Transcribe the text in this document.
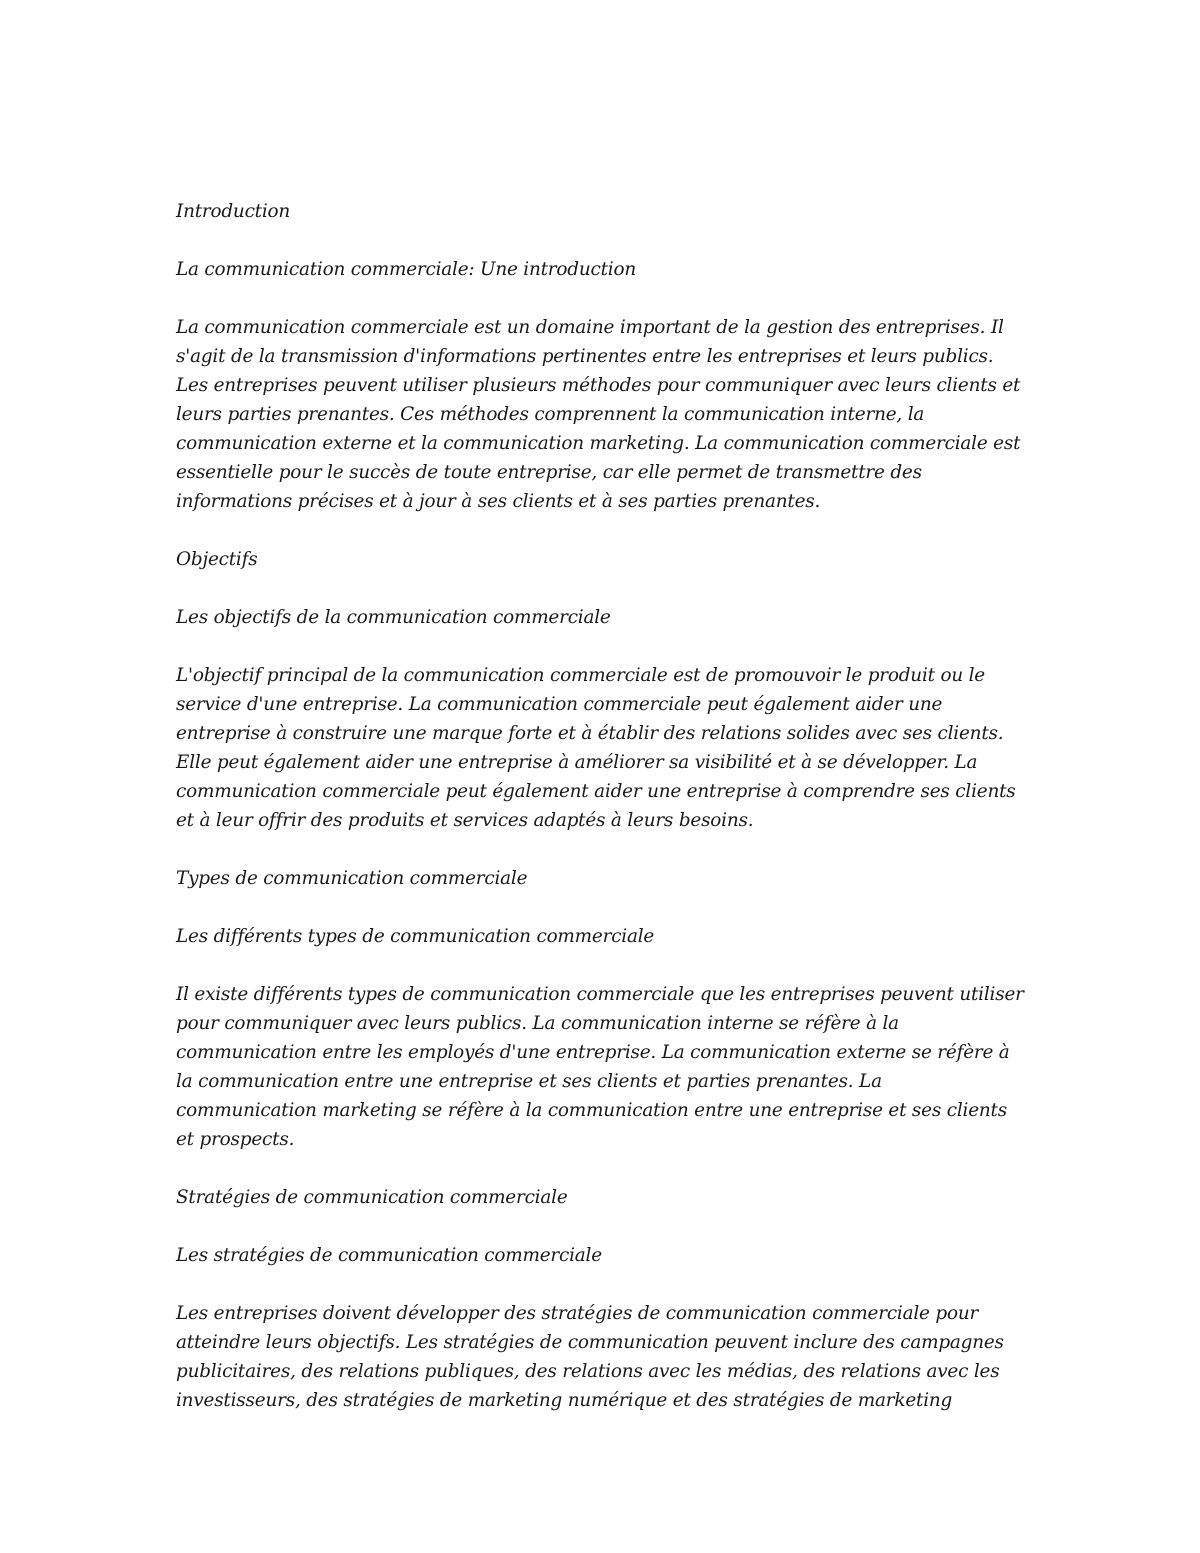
Introduction

La communication commerciale: Une introduction

La communication commerciale est un domaine important de la gestion des entreprises. Il s'agit de la transmission d'informations pertinentes entre les entreprises et leurs publics. Les entreprises peuvent utiliser plusieurs méthodes pour communiquer avec leurs clients et leurs parties prenantes. Ces méthodes comprennent la communication interne, la communication externe et la communication marketing. La communication commerciale est essentielle pour le succès de toute entreprise, car elle permet de transmettre des informations précises et à jour à ses clients et à ses parties prenantes.

Objectifs

Les objectifs de la communication commerciale

L'objectif principal de la communication commerciale est de promouvoir le produit ou le service d'une entreprise. La communication commerciale peut également aider une entreprise à construire une marque forte et à établir des relations solides avec ses clients. Elle peut également aider une entreprise à améliorer sa visibilité et à se développer. La communication commerciale peut également aider une entreprise à comprendre ses clients et à leur offrir des produits et services adaptés à leurs besoins.

Types de communication commerciale

Les différents types de communication commerciale

Il existe différents types de communication commerciale que les entreprises peuvent utiliser pour communiquer avec leurs publics. La communication interne se réfère à la communication entre les employés d'une entreprise. La communication externe se réfère à la communication entre une entreprise et ses clients et parties prenantes. La communication marketing se réfère à la communication entre une entreprise et ses clients et prospects.

Stratégies de communication commerciale

Les stratégies de communication commerciale

Les entreprises doivent développer des stratégies de communication commerciale pour atteindre leurs objectifs. Les stratégies de communication peuvent inclure des campagnes publicitaires, des relations publiques, des relations avec les médias, des relations avec les investisseurs, des stratégies de marketing numérique et des stratégies de marketing
